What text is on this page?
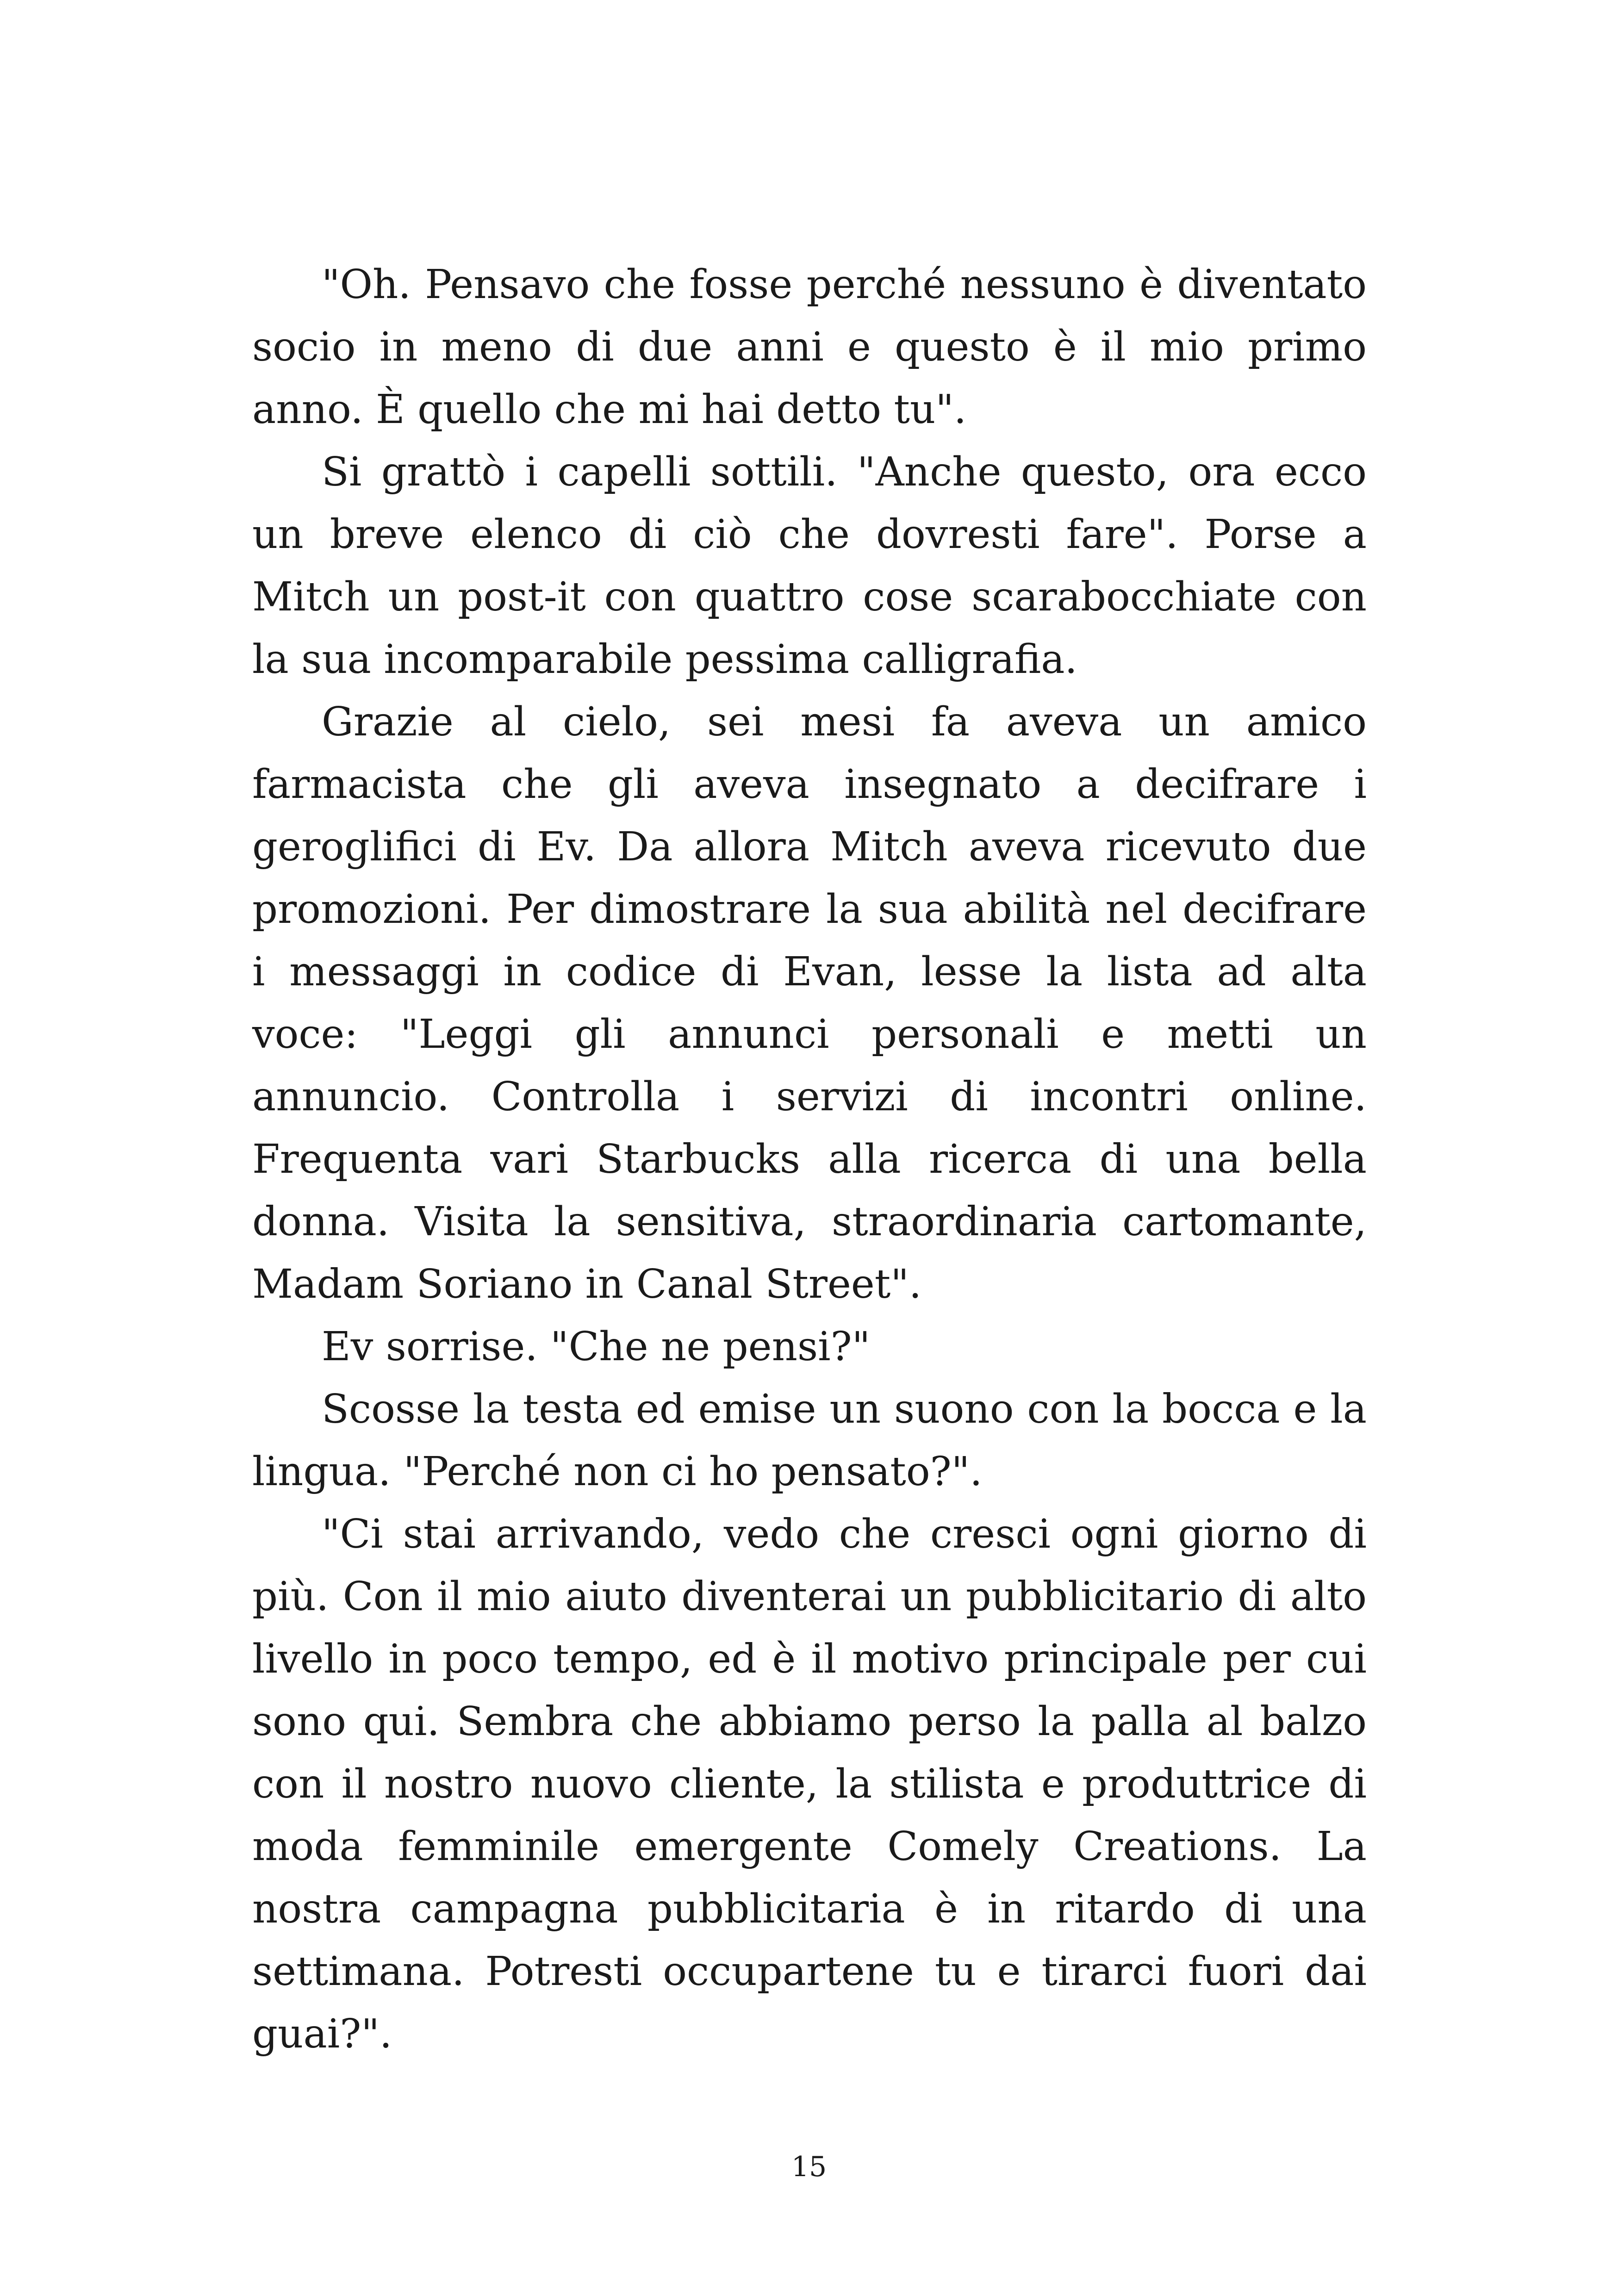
"Oh. Pensavo che fosse perché nessuno è diventato socio in meno di due anni e questo è il mio primo anno. È quello che mi hai detto tu".

Si grattò i capelli sottili. "Anche questo, ora ecco un breve elenco di ciò che dovresti fare". Porse a Mitch un post-it con quattro cose scarabocchiate con la sua incomparabile pessima calligrafia.

Grazie al cielo, sei mesi fa aveva un amico farmacista che gli aveva insegnato a decifrare i geroglifici di Ev. Da allora Mitch aveva ricevuto due promozioni. Per dimostrare la sua abilità nel decifrare i messaggi in codice di Evan, lesse la lista ad alta voce: "Leggi gli annunci personali e metti un annuncio. Controlla i servizi di incontri online. Frequenta vari Starbucks alla ricerca di una bella donna. Visita la sensitiva, straordinaria cartomante, Madam Soriano in Canal Street".

Ev sorrise. "Che ne pensi?"

Scosse la testa ed emise un suono con la bocca e la lingua. "Perché non ci ho pensato?".

"Ci stai arrivando, vedo che cresci ogni giorno di più. Con il mio aiuto diventerai un pubblicitario di alto livello in poco tempo, ed è il motivo principale per cui sono qui. Sembra che abbiamo perso la palla al balzo con il nostro nuovo cliente, la stilista e produttrice di moda femminile emergente Comely Creations. La nostra campagna pubblicitaria è in ritardo di una settimana. Potresti occupartene tu e tirarci fuori dai guai?".

15
